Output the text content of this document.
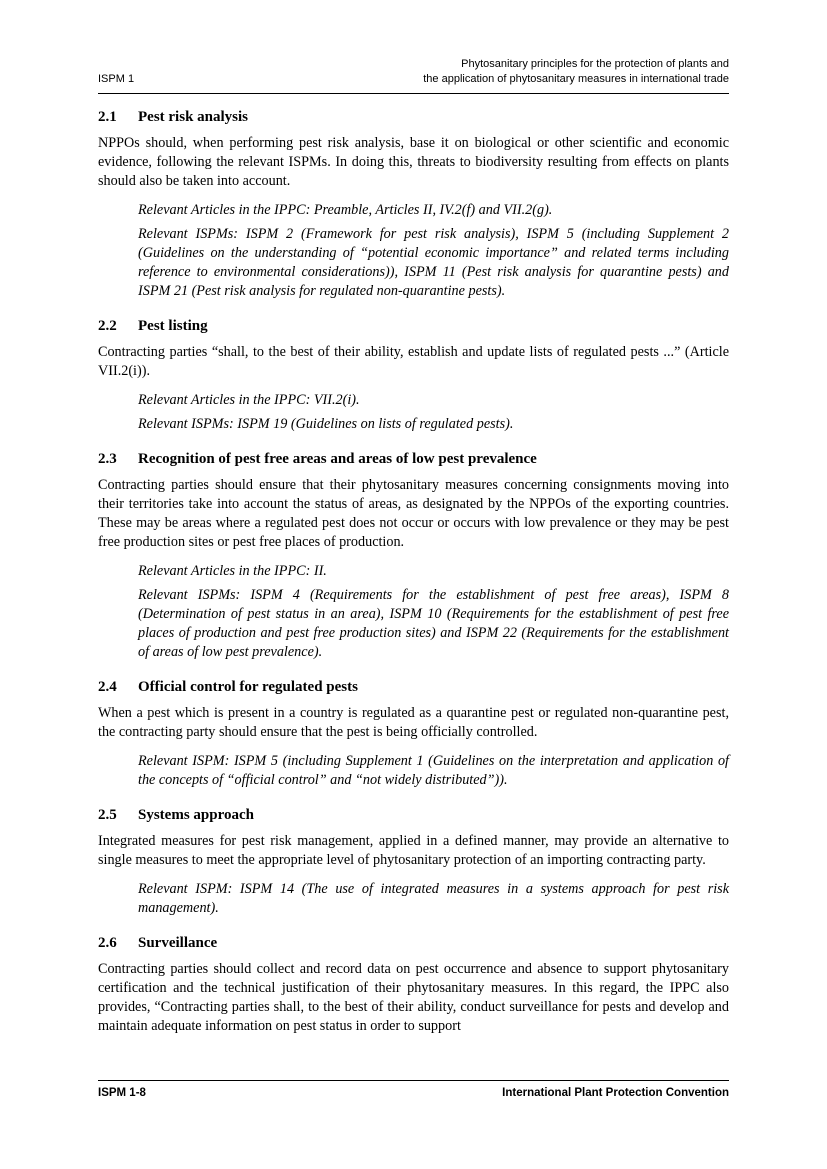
ISPM 1
Phytosanitary principles for the protection of plants and
the application of phytosanitary measures in international trade
2.1	Pest risk analysis

NPPOs should, when performing pest risk analysis, base it on biological or other scientific and economic evidence, following the relevant ISPMs. In doing this, threats to biodiversity resulting from effects on plants should also be taken into account.

Relevant Articles in the IPPC: Preamble, Articles II, IV.2(f) and VII.2(g).

Relevant ISPMs: ISPM 2 (Framework for pest risk analysis), ISPM 5 (including Supplement 2 (Guidelines on the understanding of “potential economic importance” and related terms including reference to environmental considerations)), ISPM 11 (Pest risk analysis for quarantine pests) and ISPM 21 (Pest risk analysis for regulated non-quarantine pests).

2.2	Pest listing

Contracting parties “shall, to the best of their ability, establish and update lists of regulated pests ...” (Article VII.2(i)).

Relevant Articles in the IPPC: VII.2(i).

Relevant ISPMs: ISPM 19 (Guidelines on lists of regulated pests).

2.3	Recognition of pest free areas and areas of low pest prevalence

Contracting parties should ensure that their phytosanitary measures concerning consignments moving into their territories take into account the status of areas, as designated by the NPPOs of the exporting countries. These may be areas where a regulated pest does not occur or occurs with low prevalence or they may be pest free production sites or pest free places of production.

Relevant Articles in the IPPC: II.

Relevant ISPMs: ISPM 4 (Requirements for the establishment of pest free areas), ISPM 8 (Determination of pest status in an area), ISPM 10 (Requirements for the establishment of pest free places of production and pest free production sites) and ISPM 22 (Requirements for the establishment of areas of low pest prevalence).

2.4	Official control for regulated pests

When a pest which is present in a country is regulated as a quarantine pest or regulated non-quarantine pest, the contracting party should ensure that the pest is being officially controlled.

Relevant ISPM: ISPM 5 (including Supplement 1 (Guidelines on the interpretation and application of the concepts of “official control” and “not widely distributed”)).

2.5	Systems approach

Integrated measures for pest risk management, applied in a defined manner, may provide an alternative to single measures to meet the appropriate level of phytosanitary protection of an importing contracting party.

Relevant ISPM: ISPM 14 (The use of integrated measures in a systems approach for pest risk management).

2.6	Surveillance

Contracting parties should collect and record data on pest occurrence and absence to support phytosanitary certification and the technical justification of their phytosanitary measures. In this regard, the IPPC also provides, “Contracting parties shall, to the best of their ability, conduct surveillance for pests and develop and maintain adequate information on pest status in order to support

ISPM 1-8	International Plant Protection Convention
